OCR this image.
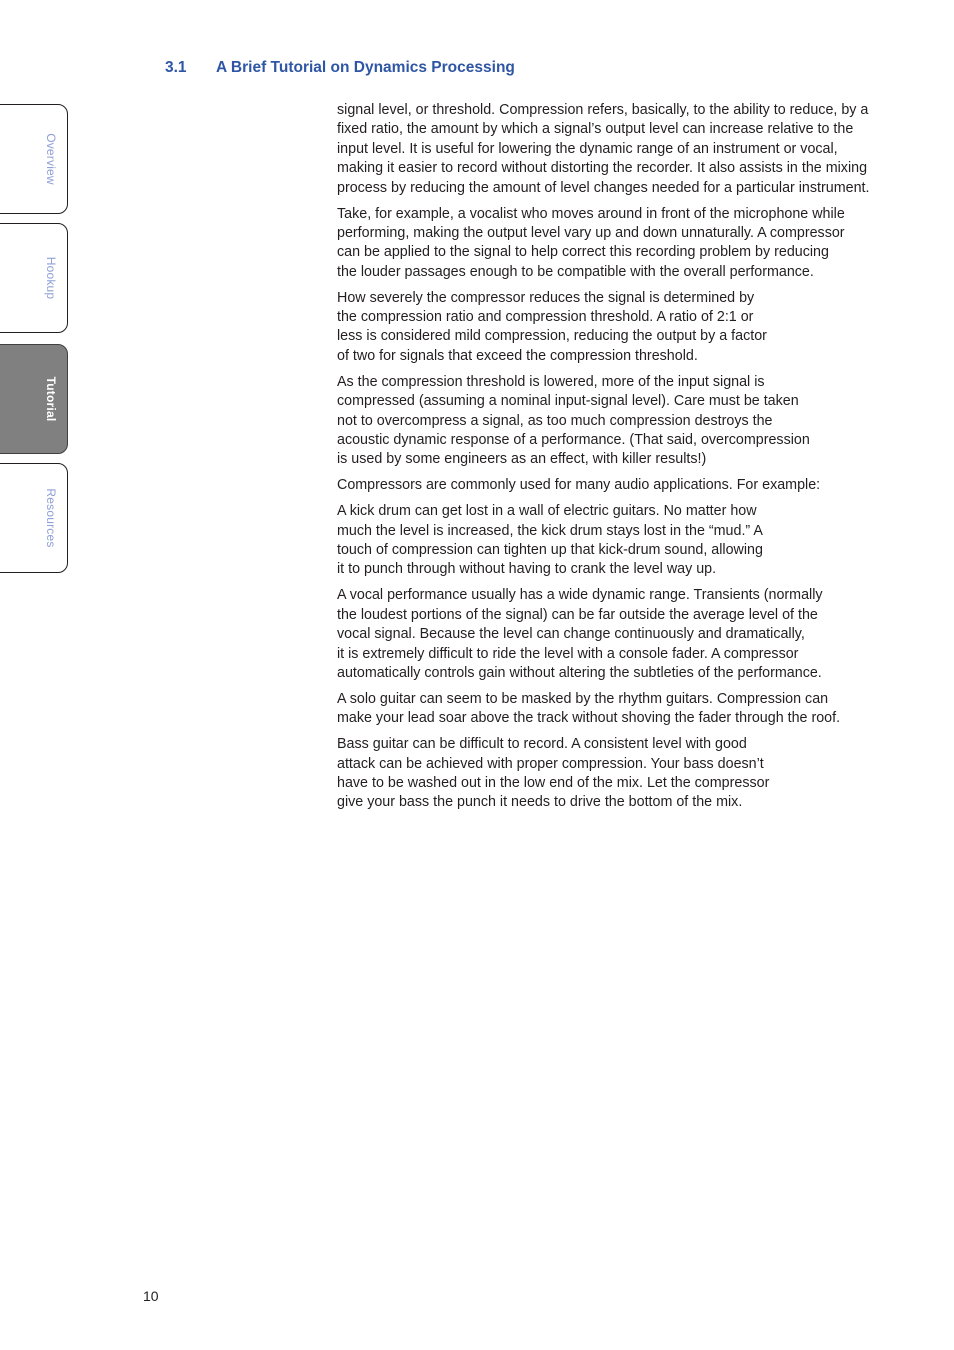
3.1 A Brief Tutorial on Dynamics Processing
Overview
Hookup
Tutorial
Resources

signal level, or threshold. Compression refers, basically, to the ability to reduce, by a
fixed ratio, the amount by which a signal’s output level can increase relative to the
input level. It is useful for lowering the dynamic range of an instrument or vocal,
making it easier to record without distorting the recorder. It also assists in the mixing
process by reducing the amount of level changes needed for a particular instrument.

Take, for example, a vocalist who moves around in front of the microphone while
performing, making the output level vary up and down unnaturally. A compressor
can be applied to the signal to help correct this recording problem by reducing
the louder passages enough to be compatible with the overall performance.

How severely the compressor reduces the signal is determined by
the compression ratio and compression threshold. A ratio of 2:1 or
less is considered mild compression, reducing the output by a factor
of two for signals that exceed the compression threshold.

As the compression threshold is lowered, more of the input signal is
compressed (assuming a nominal input-signal level). Care must be taken
not to overcompress a signal, as too much compression destroys the
acoustic dynamic response of a performance. (That said, overcompression
is used by some engineers as an effect, with killer results!)

Compressors are commonly used for many audio applications. For example:

A kick drum can get lost in a wall of electric guitars. No matter how
much the level is increased, the kick drum stays lost in the “mud.” A
touch of compression can tighten up that kick-drum sound, allowing
it to punch through without having to crank the level way up.

A vocal performance usually has a wide dynamic range. Transients (normally
the loudest portions of the signal) can be far outside the average level of the
vocal signal. Because the level can change continuously and dramatically,
it is extremely difficult to ride the level with a console fader. A compressor
automatically controls gain without altering the subtleties of the performance.

A solo guitar can seem to be masked by the rhythm guitars. Compression can
make your lead soar above the track without shoving the fader through the roof.

Bass guitar can be difficult to record. A consistent level with good
attack can be achieved with proper compression. Your bass doesn’t
have to be washed out in the low end of the mix. Let the compressor
give your bass the punch it needs to drive the bottom of the mix.

10
